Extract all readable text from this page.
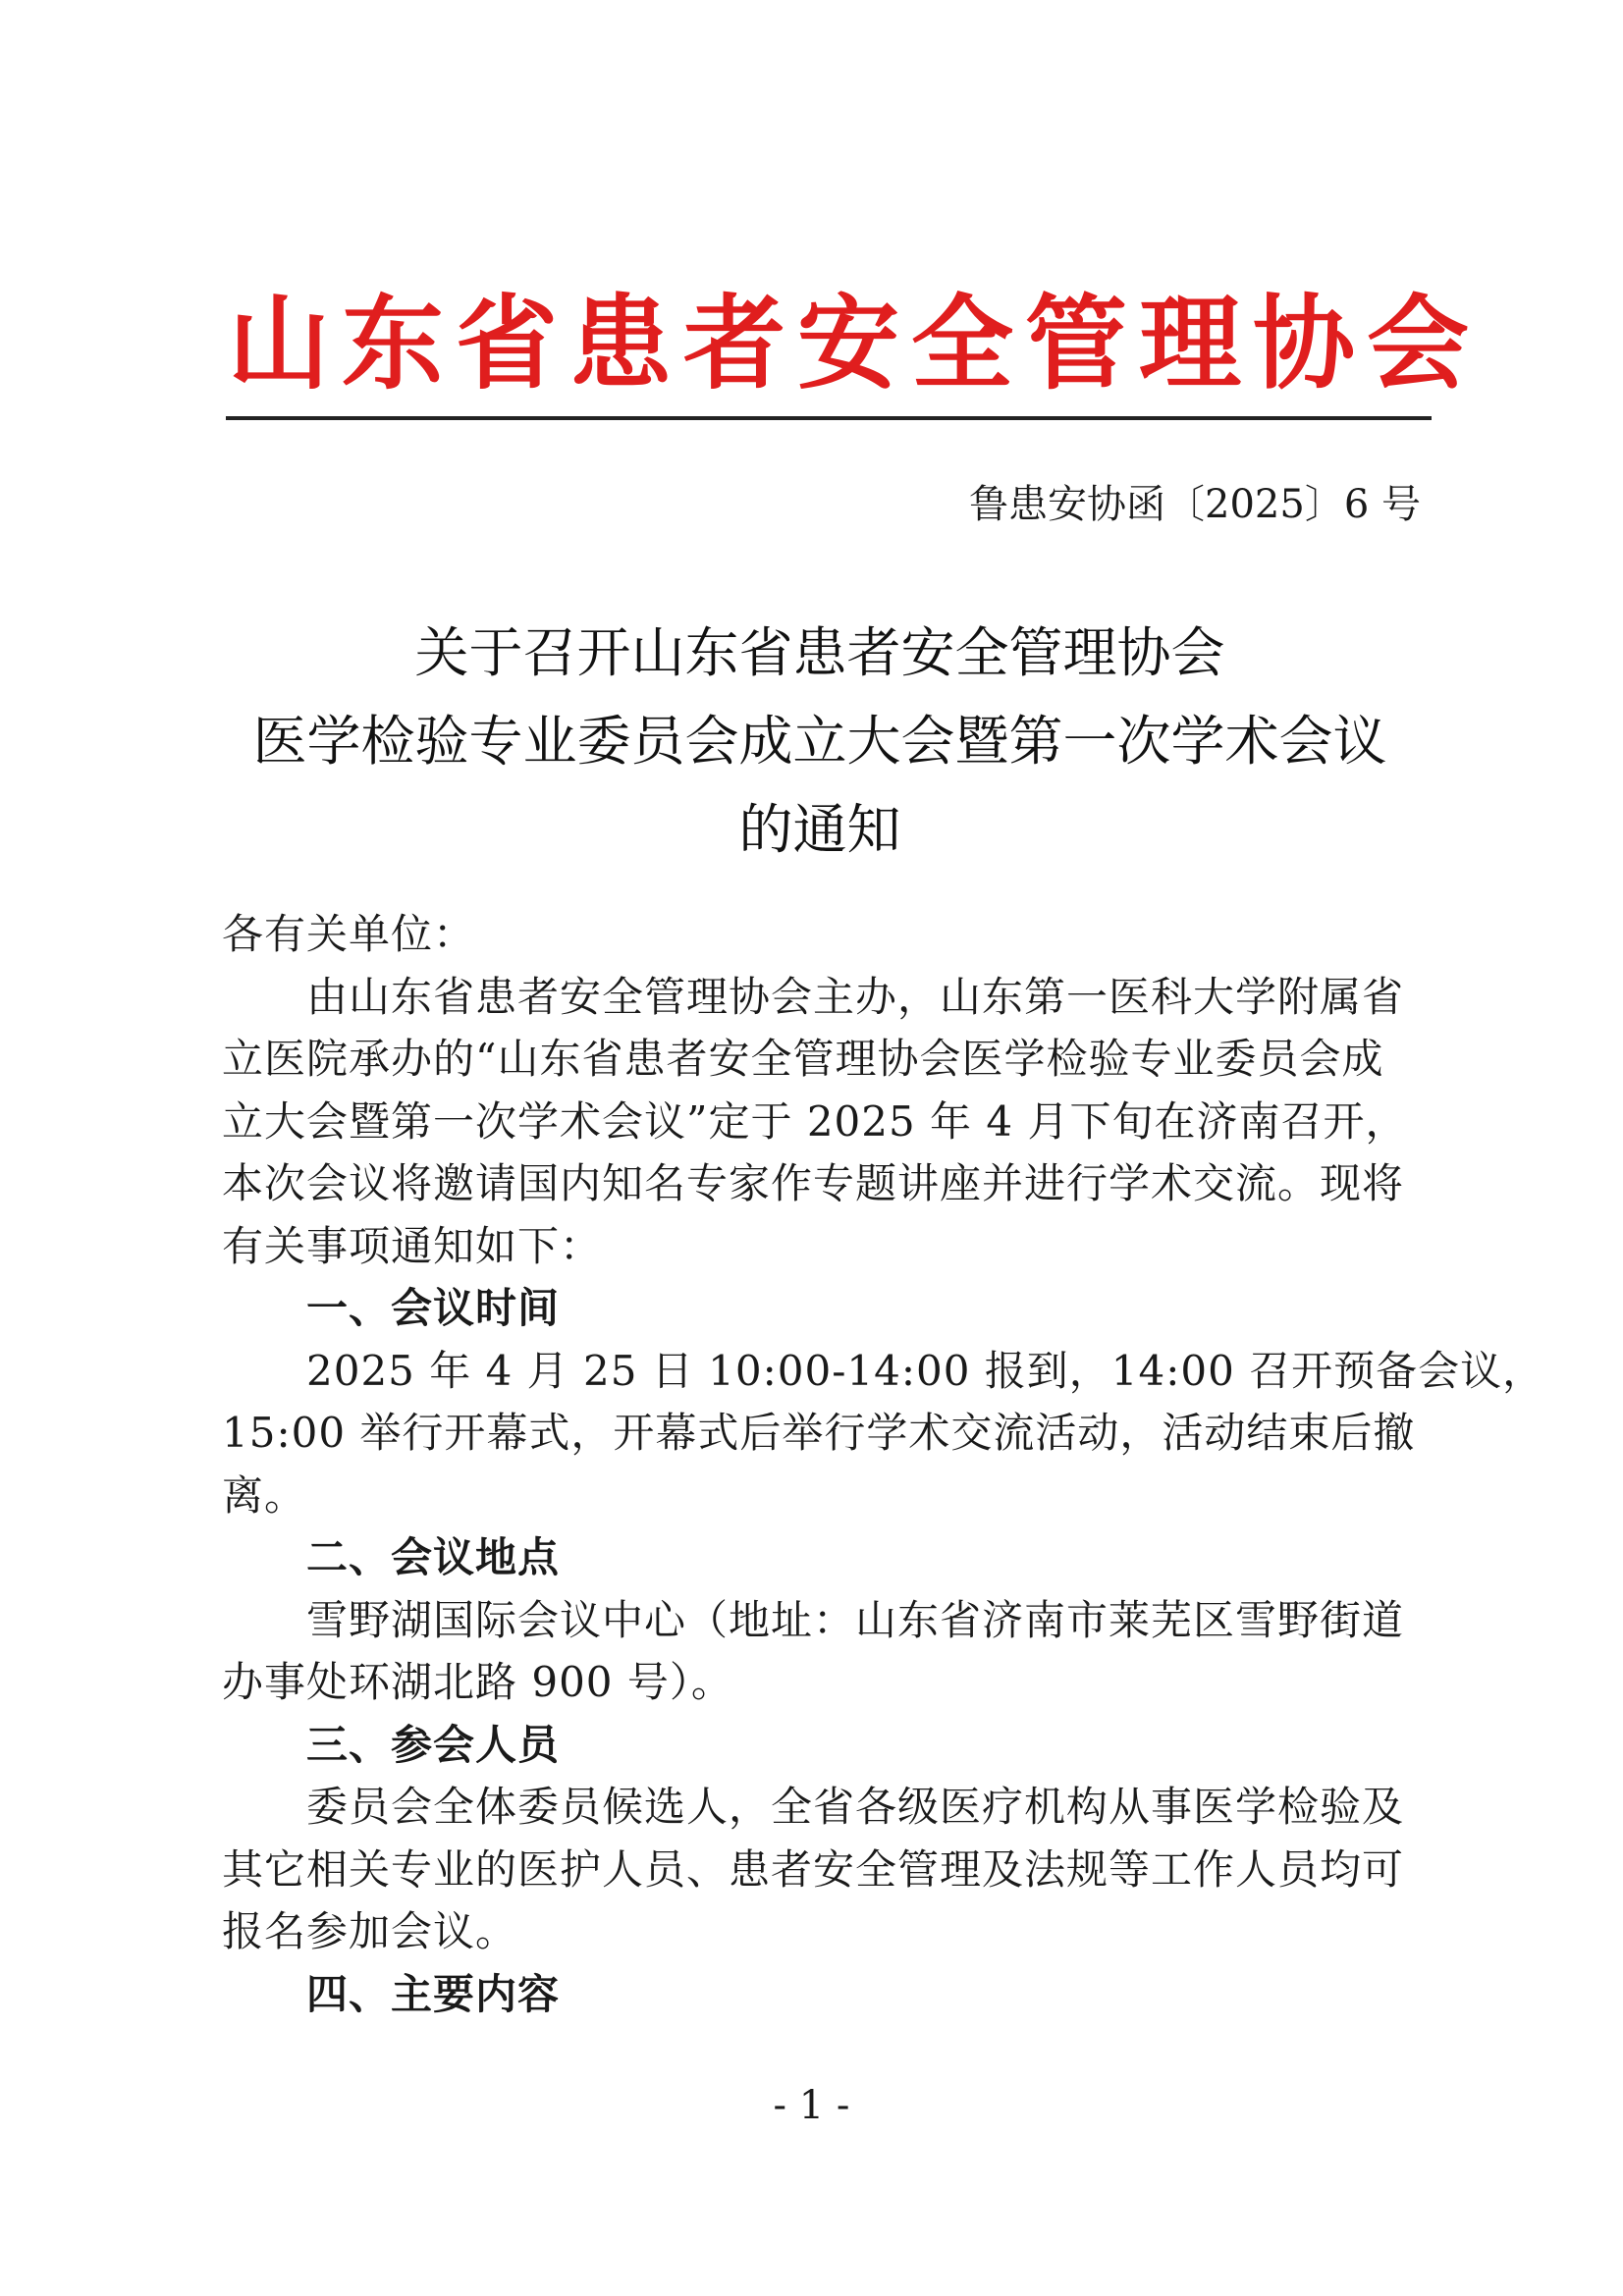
山东省患者安全管理协会
鲁患安协函〔2025〕6 号
关于召开山东省患者安全管理协会
医学检验专业委员会成立大会暨第一次学术会议
的通知

各有关单位：

由山东省患者安全管理协会主办，山东第一医科大学附属省

立医院承办的“山东省患者安全管理协会医学检验专业委员会成

立大会暨第一次学术会议”定于 2025 年 4 月下旬在济南召开，

本次会议将邀请国内知名专家作专题讲座并进行学术交流。现将

有关事项通知如下：

一、会议时间

2025 年 4 月 25 日 10:00-14:00 报到，14:00 召开预备会议，

15:00 举行开幕式，开幕式后举行学术交流活动，活动结束后撤

离。

二、会议地点

雪野湖国际会议中心（地址：山东省济南市莱芜区雪野街道

办事处环湖北路 900 号）。

三、参会人员

委员会全体委员候选人，全省各级医疗机构从事医学检验及

其它相关专业的医护人员、患者安全管理及法规等工作人员均可

报名参加会议。

四、主要内容

- 1 -
